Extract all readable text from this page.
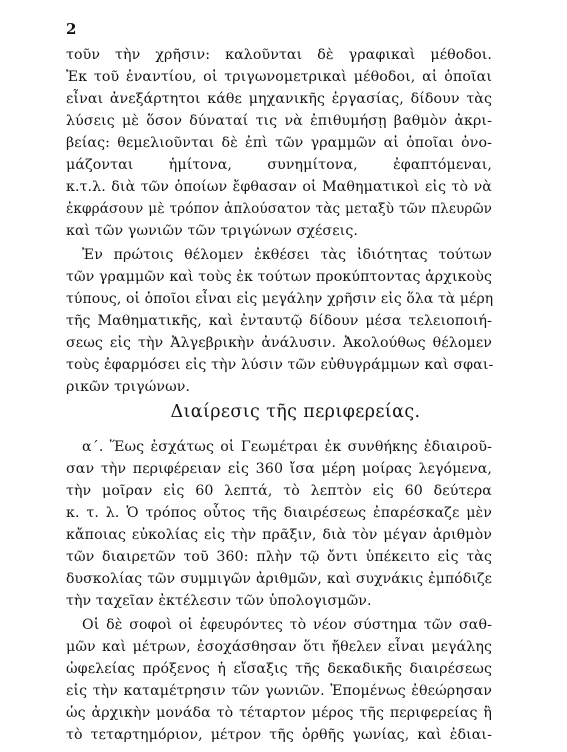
2
τοῦν τὴν χρῆσιν: καλοῦνται δὲ γραφικαὶ μέθοδοι.
Ἐκ τοῦ ἐναντίου, οἱ τριγωνομετρικαὶ μέθοδοι, αἱ ὁποῖαι
εἶναι ἀνεξάρτητοι κάθε μηχανικῆς ἐργασίας, δίδουν τὰς
λύσεις μὲ ὅσον δύναταί τις νὰ ἐπιθυμήσῃ βαθμὸν ἀκρι-
βείας: θεμελιοῦνται δὲ ἐπὶ τῶν γραμμῶν αἱ ὁποῖαι ὀνο-
μάζονται ἡμίτονα, συνημίτονα, ἐφαπτόμεναι,
κ.τ.λ. διὰ τῶν ὁποίων ἔφθασαν οἱ Μαθηματικοὶ εἰς τὸ νὰ
ἐκφράσουν μὲ τρόπον ἁπλούσατον τὰς μεταξὺ τῶν πλευρῶν
καὶ τῶν γωνιῶν τῶν τριγώνων σχέσεις.
Ἐν πρώτοις θέλομεν ἐκθέσει τὰς ἰδιότητας τούτων
τῶν γραμμῶν καὶ τοὺς ἐκ τούτων προκύπτοντας ἀρχικοὺς
τύπους, οἱ ὁποῖοι εἶναι εἰς μεγάλην χρῆσιν εἰς ὅλα τὰ μέρη
τῆς Μαθηματικῆς, καὶ ἐνταυτῷ δίδουν μέσα τελειοποιή-
σεως εἰς τὴν Ἀλγεβρικὴν ἀνάλυσιν. Ἀκολούθως θέλομεν
τοὺς ἐφαρμόσει εἰς τὴν λύσιν τῶν εὐθυγράμμων καὶ σφαι-
ρικῶν τριγώνων.
Διαίρεσις τῆς περιφερείας.
α΄. Ἕως ἐσχάτως οἱ Γεωμέτραι ἐκ συνθήκης ἐδιαιροῦ-
σαν τὴν περιφέρειαν εἰς 360 ἴσα μέρη μοίρας λεγόμενα,
τὴν μοῖραν εἰς 60 λεπτά, τὸ λεπτὸν εἰς 60 δεύτερα
κ. τ. λ. Ὁ τρόπος οὗτος τῆς διαιρέσεως ἐπαρέσκαζε μὲν
κἄποιας εὐκολίας εἰς τὴν πρᾶξιν, διὰ τὸν μέγαν ἀριθμὸν
τῶν διαιρετῶν τοῦ 360: πλὴν τῷ ὄντι ὑπέκειτο εἰς τὰς
δυσκολίας τῶν συμμιγῶν ἀριθμῶν, καὶ συχνάκις ἐμπόδιζε
τὴν ταχεῖαν ἐκτέλεσιν τῶν ὑπολογισμῶν.
Οἱ δὲ σοφοὶ οἱ ἐφευρόντες τὸ νέον σύστημα τῶν σαθ-
μῶν καὶ μέτρων, ἐσοχάσθησαν ὅτι ἤθελεν εἶναι μεγάλης
ὠφελείας πρόξενος ἡ εἴσαξις τῆς δεκαδικῆς διαιρέσεως
εἰς τὴν καταμέτρησιν τῶν γωνιῶν. Ἐπομένως ἐθεώρησαν
ὡς ἀρχικὴν μονάδα τὸ τέταρτον μέρος τῆς περιφερείας ἢ
τὸ τεταρτημόριον, μέτρον τῆς ὀρθῆς γωνίας, καὶ ἐδιαι-
